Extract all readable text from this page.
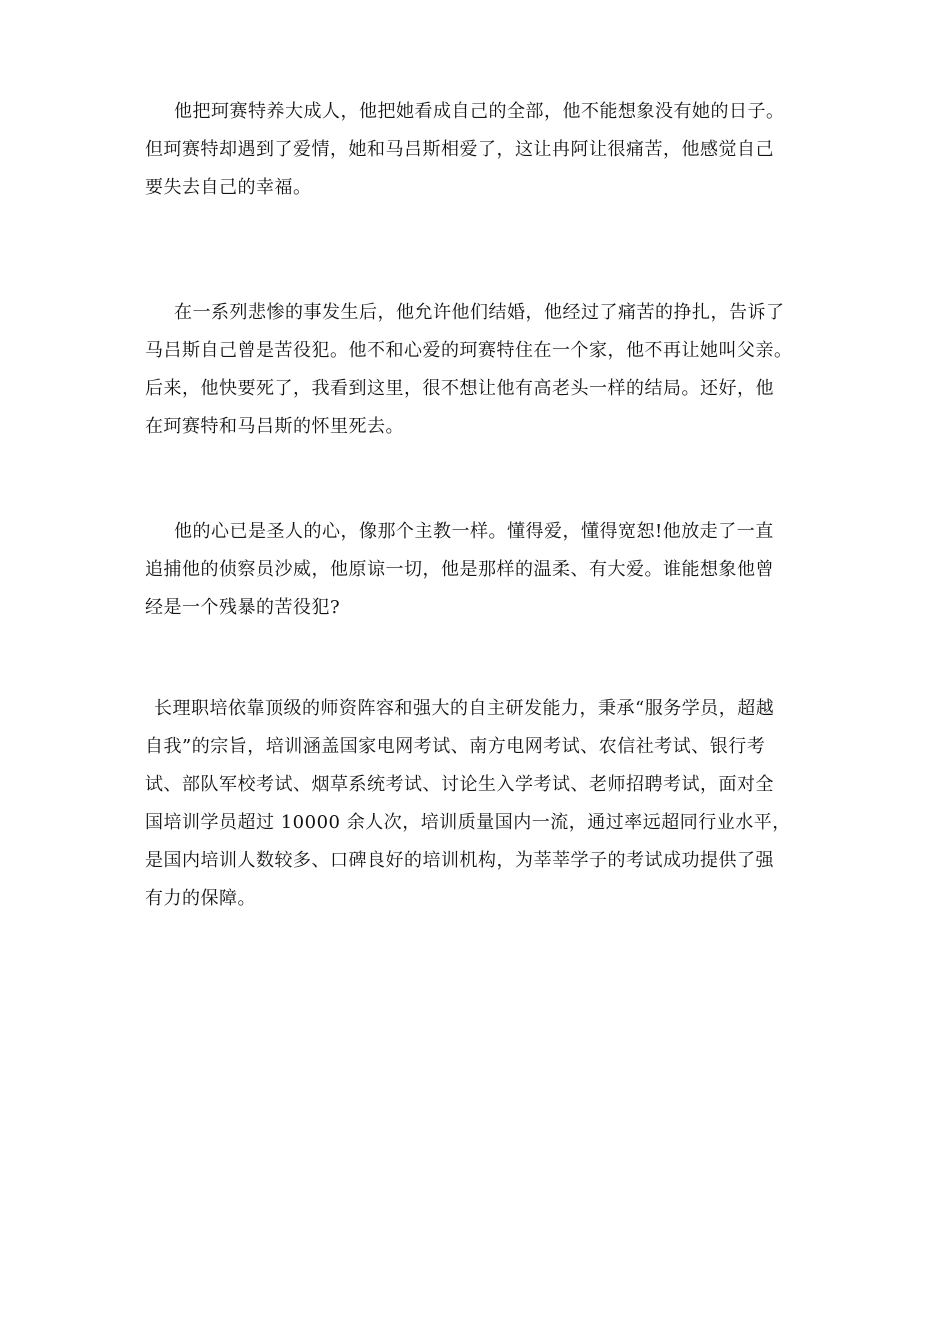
他把珂赛特养大成人，他把她看成自己的全部，他不能想象没有她的日子。
但珂赛特却遇到了爱情，她和马吕斯相爱了，这让冉阿让很痛苦，他感觉自己
要失去自己的幸福。

在一系列悲惨的事发生后，他允许他们结婚，他经过了痛苦的挣扎，告诉了
马吕斯自己曾是苦役犯。他不和心爱的珂赛特住在一个家，他不再让她叫父亲。
后来，他快要死了，我看到这里，很不想让他有高老头一样的结局。还好，他
在珂赛特和马吕斯的怀里死去。

他的心已是圣人的心，像那个主教一样。懂得爱，懂得宽恕!他放走了一直
追捕他的侦察员沙威，他原谅一切，他是那样的温柔、有大爱。谁能想象他曾
经是一个残暴的苦役犯?

长理职培依靠顶级的师资阵容和强大的自主研发能力，秉承“服务学员，超越
自我”的宗旨，培训涵盖国家电网考试、南方电网考试、农信社考试、银行考
试、部队军校考试、烟草系统考试、讨论生入学考试、老师招聘考试，面对全
国培训学员超过 10000 余人次，培训质量国内一流，通过率远超同行业水平，
是国内培训人数较多、口碑良好的培训机构，为莘莘学子的考试成功提供了强
有力的保障。
